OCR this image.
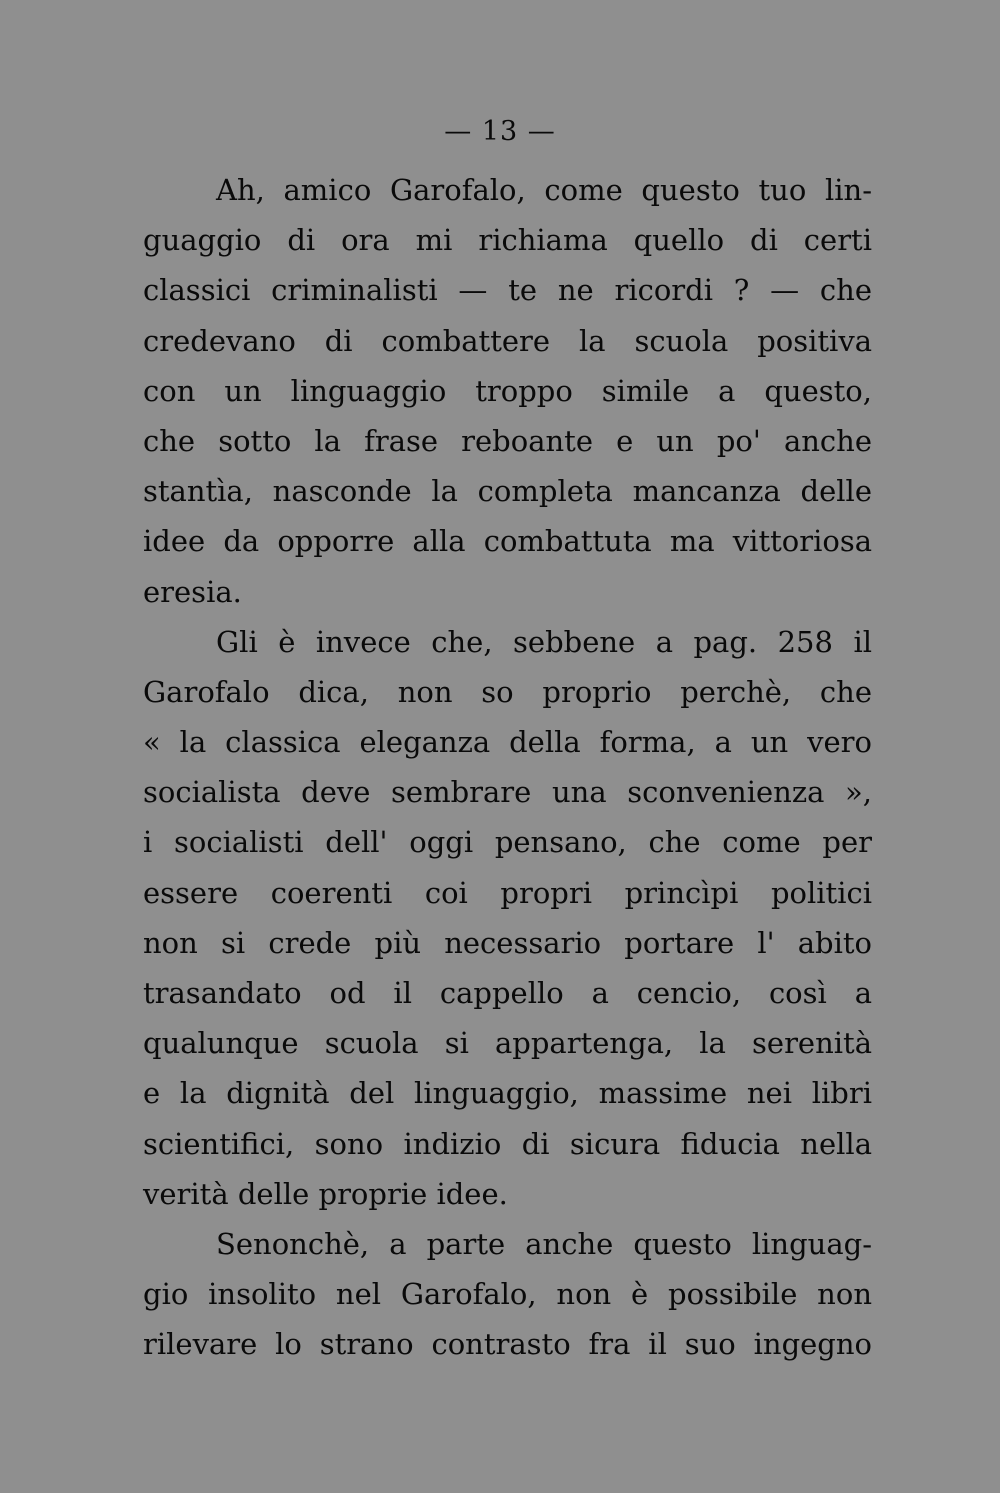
— 13 —
Ah, amico Garofalo, come questo tuo lin-
guaggio di ora mi richiama quello di certi
classici criminalisti — te ne ricordi ? — che
credevano di combattere la scuola positiva
con un linguaggio troppo simile a questo,
che sotto la frase reboante e un po' anche
stantìa, nasconde la completa mancanza delle
idee da opporre alla combattuta ma vittoriosa
eresia.
Gli è invece che, sebbene a pag. 258 il
Garofalo dica, non so proprio perchè, che
« la classica eleganza della forma, a un vero
socialista deve sembrare una sconvenienza »,
i socialisti dell' oggi pensano, che come per
essere coerenti coi propri princìpi politici
non si crede più necessario portare l' abito
trasandato od il cappello a cencio, così a
qualunque scuola si appartenga, la serenità
e la dignità del linguaggio, massime nei libri
scientifici, sono indizio di sicura fiducia nella
verità delle proprie idee.
Senonchè, a parte anche questo linguag-
gio insolito nel Garofalo, non è possibile non
rilevare lo strano contrasto fra il suo ingegno
